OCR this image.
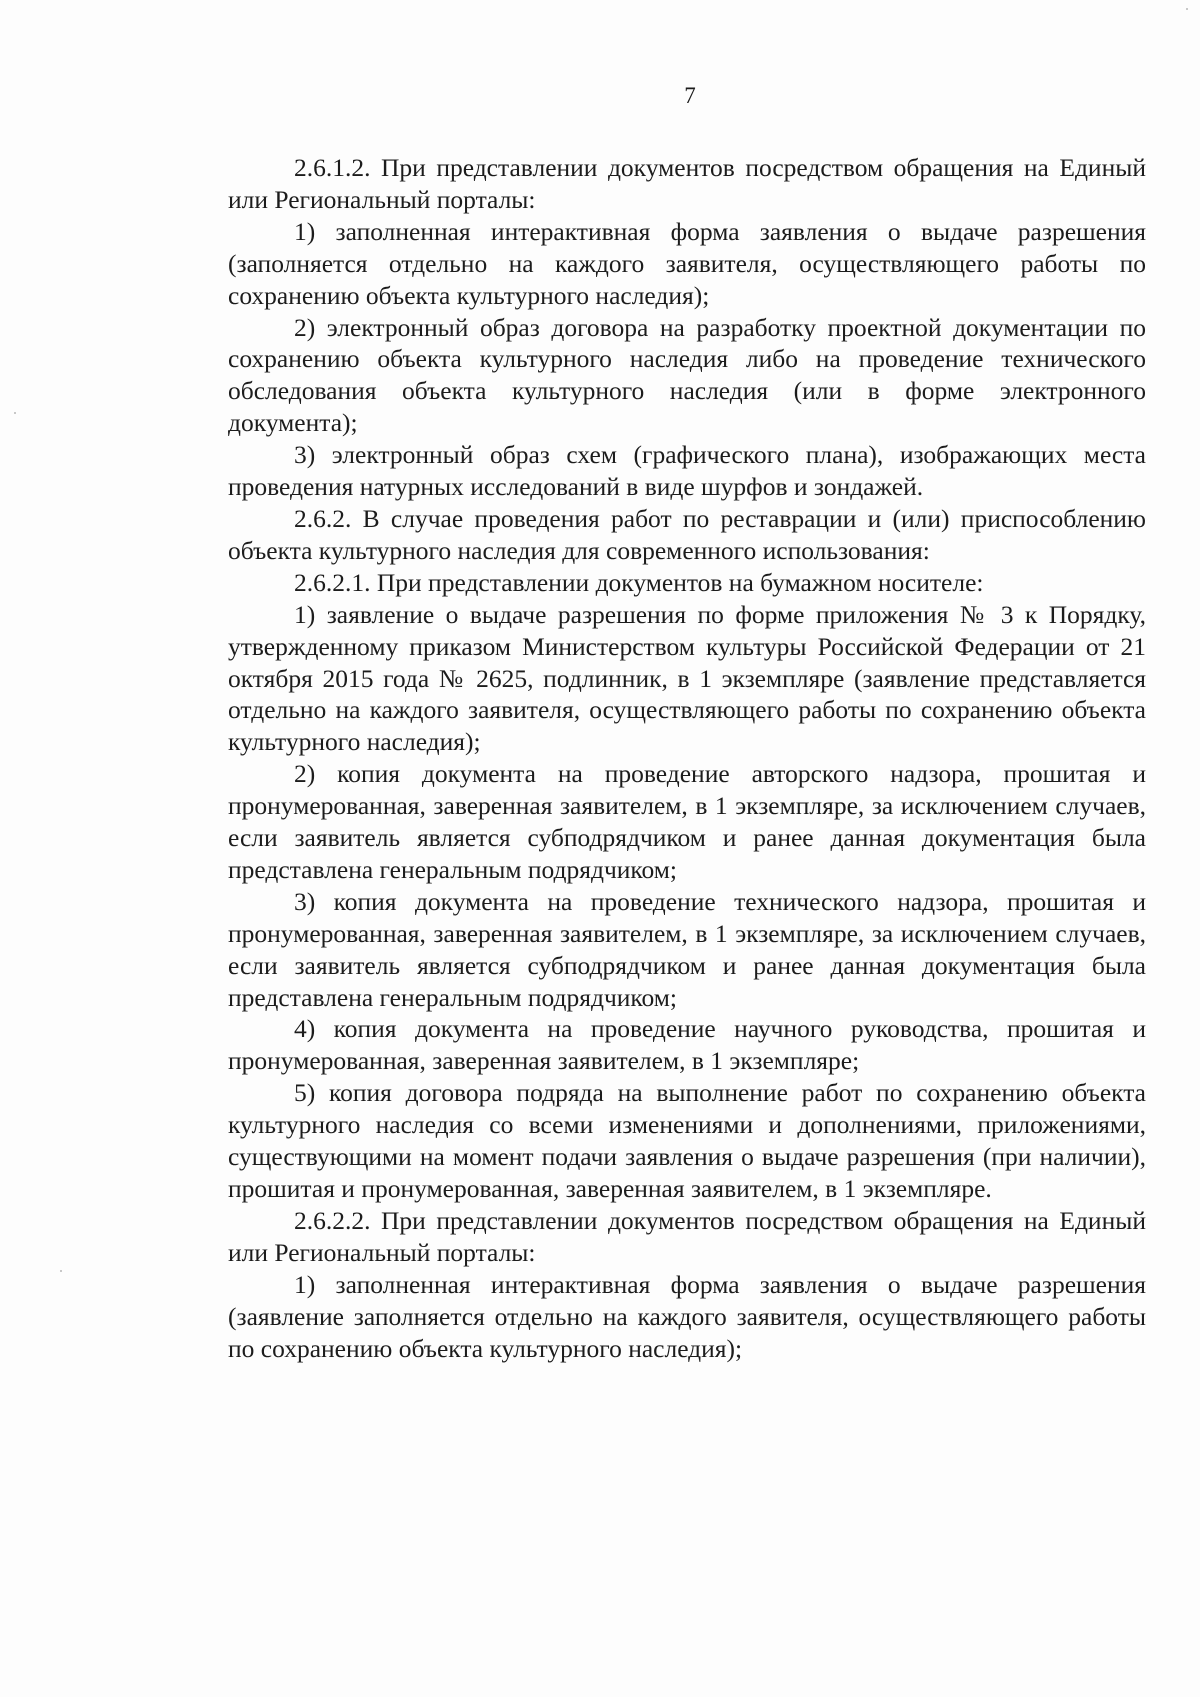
7

2.6.1.2. При представлении документов посредством обращения на Единый или Региональный порталы:

1) заполненная интерактивная форма заявления о выдаче разрешения (заполняется отдельно на каждого заявителя, осуществляющего работы по сохранению объекта культурного наследия);

2) электронный образ договора на разработку проектной документации по сохранению объекта культурного наследия либо на проведение технического обследования объекта культурного наследия (или в форме электронного документа);

3) электронный образ схем (графического плана), изображающих места проведения натурных исследований в виде шурфов и зондажей.

2.6.2. В случае проведения работ по реставрации и (или) приспособлению объекта культурного наследия для современного использования:

2.6.2.1. При представлении документов на бумажном носителе:

1) заявление о выдаче разрешения по форме приложения № 3 к Порядку, утвержденному приказом Министерством культуры Российской Федерации от 21 октября 2015 года № 2625, подлинник, в 1 экземпляре (заявление представляется отдельно на каждого заявителя, осуществляющего работы по сохранению объекта культурного наследия);

2) копия документа на проведение авторского надзора, прошитая и пронумерованная, заверенная заявителем, в 1 экземпляре, за исключением случаев, если заявитель является субподрядчиком и ранее данная документация была представлена генеральным подрядчиком;

3) копия документа на проведение технического надзора, прошитая и пронумерованная, заверенная заявителем, в 1 экземпляре, за исключением случаев, если заявитель является субподрядчиком и ранее данная документация была представлена генеральным подрядчиком;

4) копия документа на проведение научного руководства, прошитая и пронумерованная, заверенная заявителем, в 1 экземпляре;

5) копия договора подряда на выполнение работ по сохранению объекта культурного наследия со всеми изменениями и дополнениями, приложениями, существующими на момент подачи заявления о выдаче разрешения (при наличии), прошитая и пронумерованная, заверенная заявителем, в 1 экземпляре.

2.6.2.2. При представлении документов посредством обращения на Единый или Региональный порталы:

1) заполненная интерактивная форма заявления о выдаче разрешения (заявление заполняется отдельно на каждого заявителя, осуществляющего работы по сохранению объекта культурного наследия);
